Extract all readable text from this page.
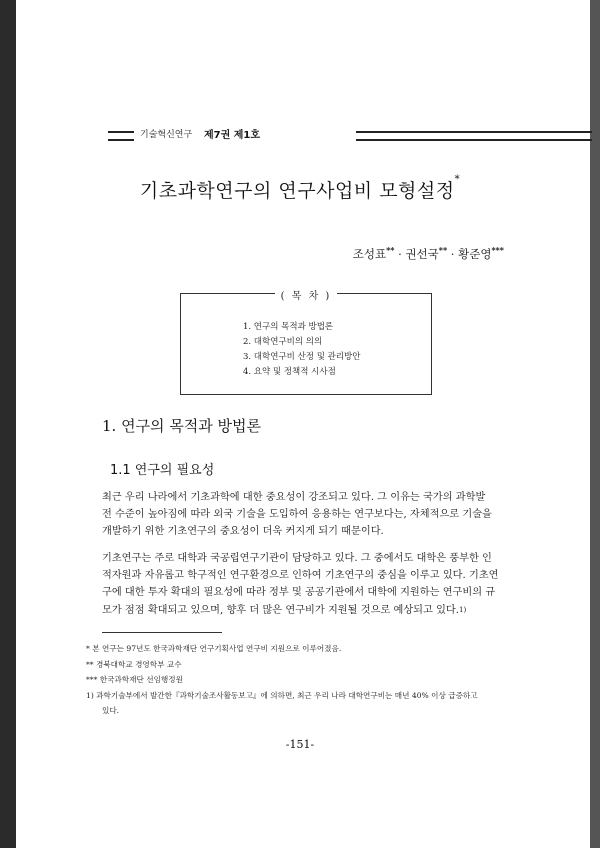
기술혁신연구 제7권 제1호
기초과학연구의 연구사업비 모형설정*
조성표** · 권선국** · 황준영***
( 목 차 )
1. 연구의 목적과 방법론
2. 대학연구비의 의의
3. 대학연구비 산정 및 관리방안
4. 요약 및 정책적 시사점
1. 연구의 목적과 방법론
1.1 연구의 필요성
최근 우리 나라에서 기초과학에 대한 중요성이 강조되고 있다. 그 이유는 국가의 과학발
전 수준이 높아짐에 따라 외국 기술을 도입하여 응용하는 연구보다는, 자체적으로 기술을
개발하기 위한 기초연구의 중요성이 더욱 커지게 되기 때문이다.
기초연구는 주로 대학과 국공립연구기관이 담당하고 있다. 그 중에서도 대학은 풍부한 인
적자원과 자유롭고 학구적인 연구환경으로 인하여 기초연구의 중심을 이루고 있다. 기초연
구에 대한 투자 확대의 필요성에 따라 정부 및 공공기관에서 대학에 지원하는 연구비의 규
모가 점점 확대되고 있으며, 향후 더 많은 연구비가 지원될 것으로 예상되고 있다.$^{1)}$
* 본 연구는 97년도 한국과학재단 연구기획사업 연구비 지원으로 이루어졌음.
** 경북대학교 경영학부 교수
*** 한국과학재단 선임행정원
1) 과학기술부에서 발간한『과학기술조사활동보고』에 의하면, 최근 우리 나라 대학연구비는 매년 40% 이상 급증하고
있다.
-151-
